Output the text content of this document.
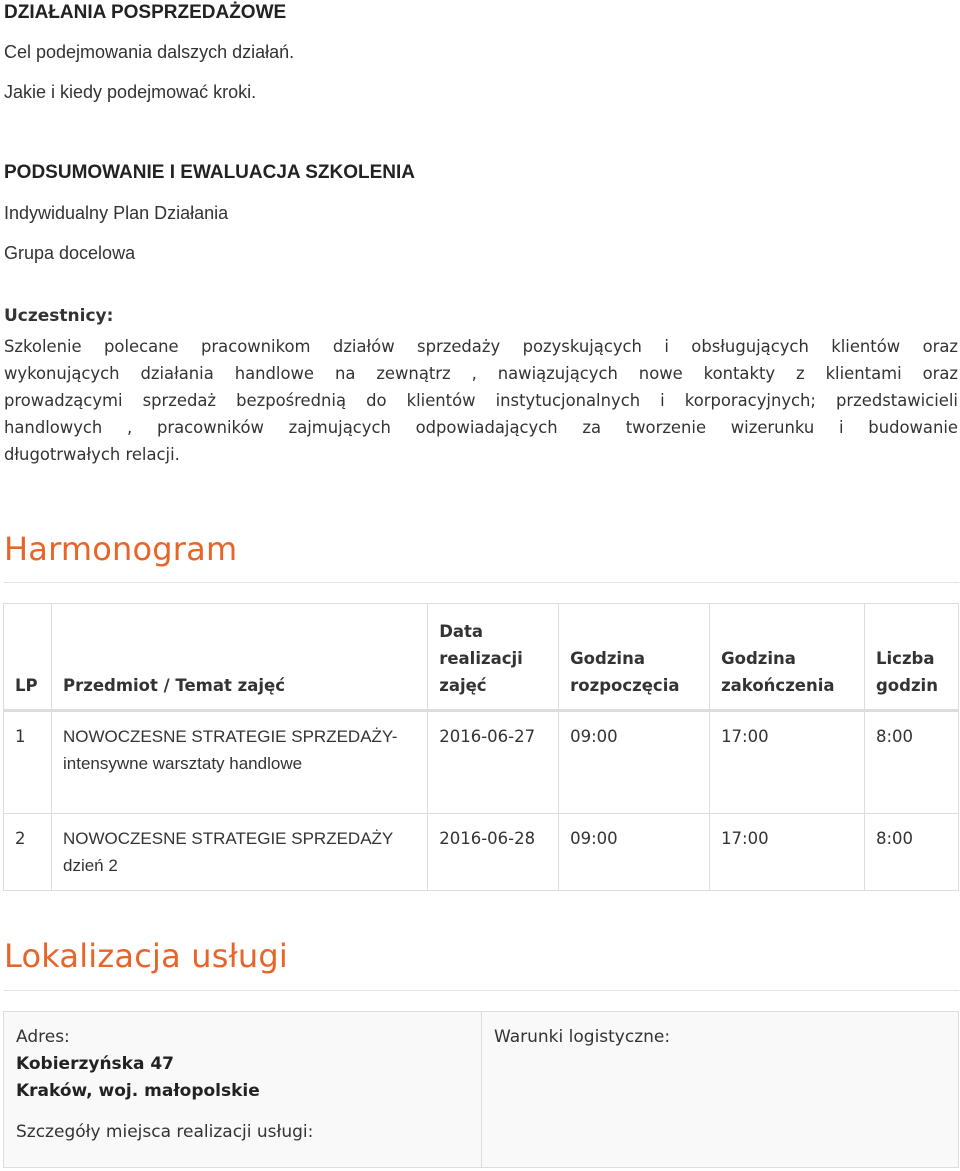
DZIAŁANIA POSPRZEDAŻOWE
Cel podejmowania dalszych działań.
Jakie i kiedy podejmować kroki.
PODSUMOWANIE I EWALUACJA SZKOLENIA
Indywidualny Plan Działania
Grupa docelowa
Uczestnicy:
Szkolenie polecane pracownikom działów sprzedaży pozyskujących i obsługujących klientów oraz
wykonujących działania handlowe na zewnątrz , nawiązujących nowe kontakty z klientami oraz
prowadzącymi sprzedaż bezpośrednią do klientów instytucjonalnych i korporacyjnych; przedstawicieli
handlowych , pracowników zajmujących odpowiadających za tworzenie wizerunku i budowanie
długotrwałych relacji.
Harmonogram
LP	Przedmiot / Temat zajęć	Data realizacji zajęć	Godzina rozpoczęcia	Godzina zakończenia	Liczba godzin
1	NOWOCZESNE STRATEGIE SPRZEDAŻY- intensywne warsztaty handlowe	2016-06-27	09:00	17:00	8:00
2	NOWOCZESNE STRATEGIE SPRZEDAŻY dzień 2	2016-06-28	09:00	17:00	8:00
Lokalizacja usługi
Adres:
Kobierzyńska 47
Kraków, woj. małopolskie
Szczegóły miejsca realizacji usługi:
Warunki logistyczne:
